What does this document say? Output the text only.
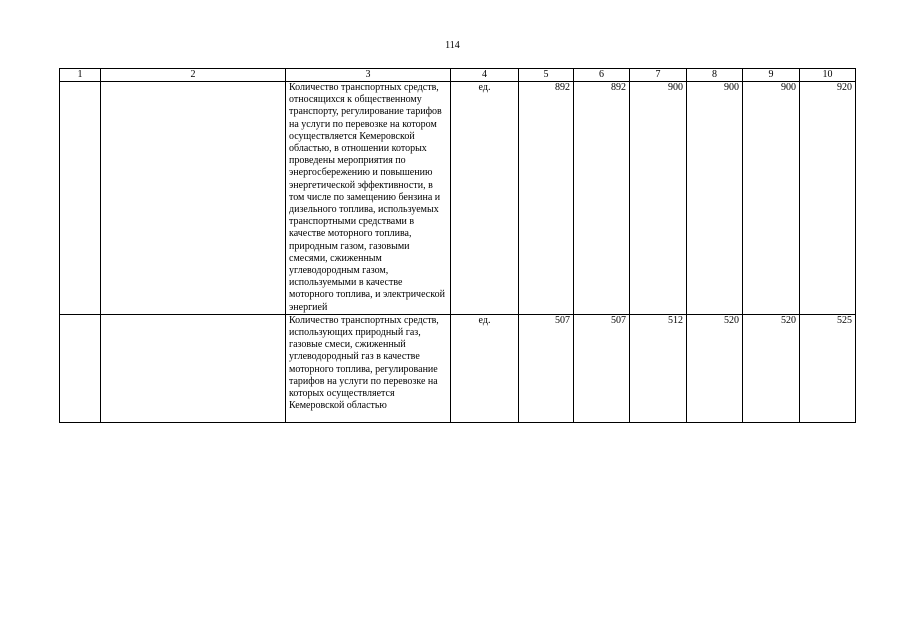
114
1	2	3	4	5	6	7	8	9	10
		Количество транспортных средств, относящихся к общественному транспорту, регулирование тарифов на услуги по перевозке на котором осуществляется Кемеровской областью, в отношении которых проведены мероприятия по энергосбережению и повышению энергетической эффективности, в том числе по замещению бензина и дизельного топлива, используемых транспортными средствами в качестве моторного топлива, природным газом, газовыми смесями, сжиженным углеводородным газом, используемыми в качестве моторного топлива, и электрической энергией	ед.	892	892	900	900	900	920
		Количество транспортных средств, использующих природный газ, газовые смеси, сжиженный углеводородный газ в качестве моторного топлива, регулирование тарифов на услуги по перевозке на которых осуществляется Кемеровской областью	ед.	507	507	512	520	520	525
